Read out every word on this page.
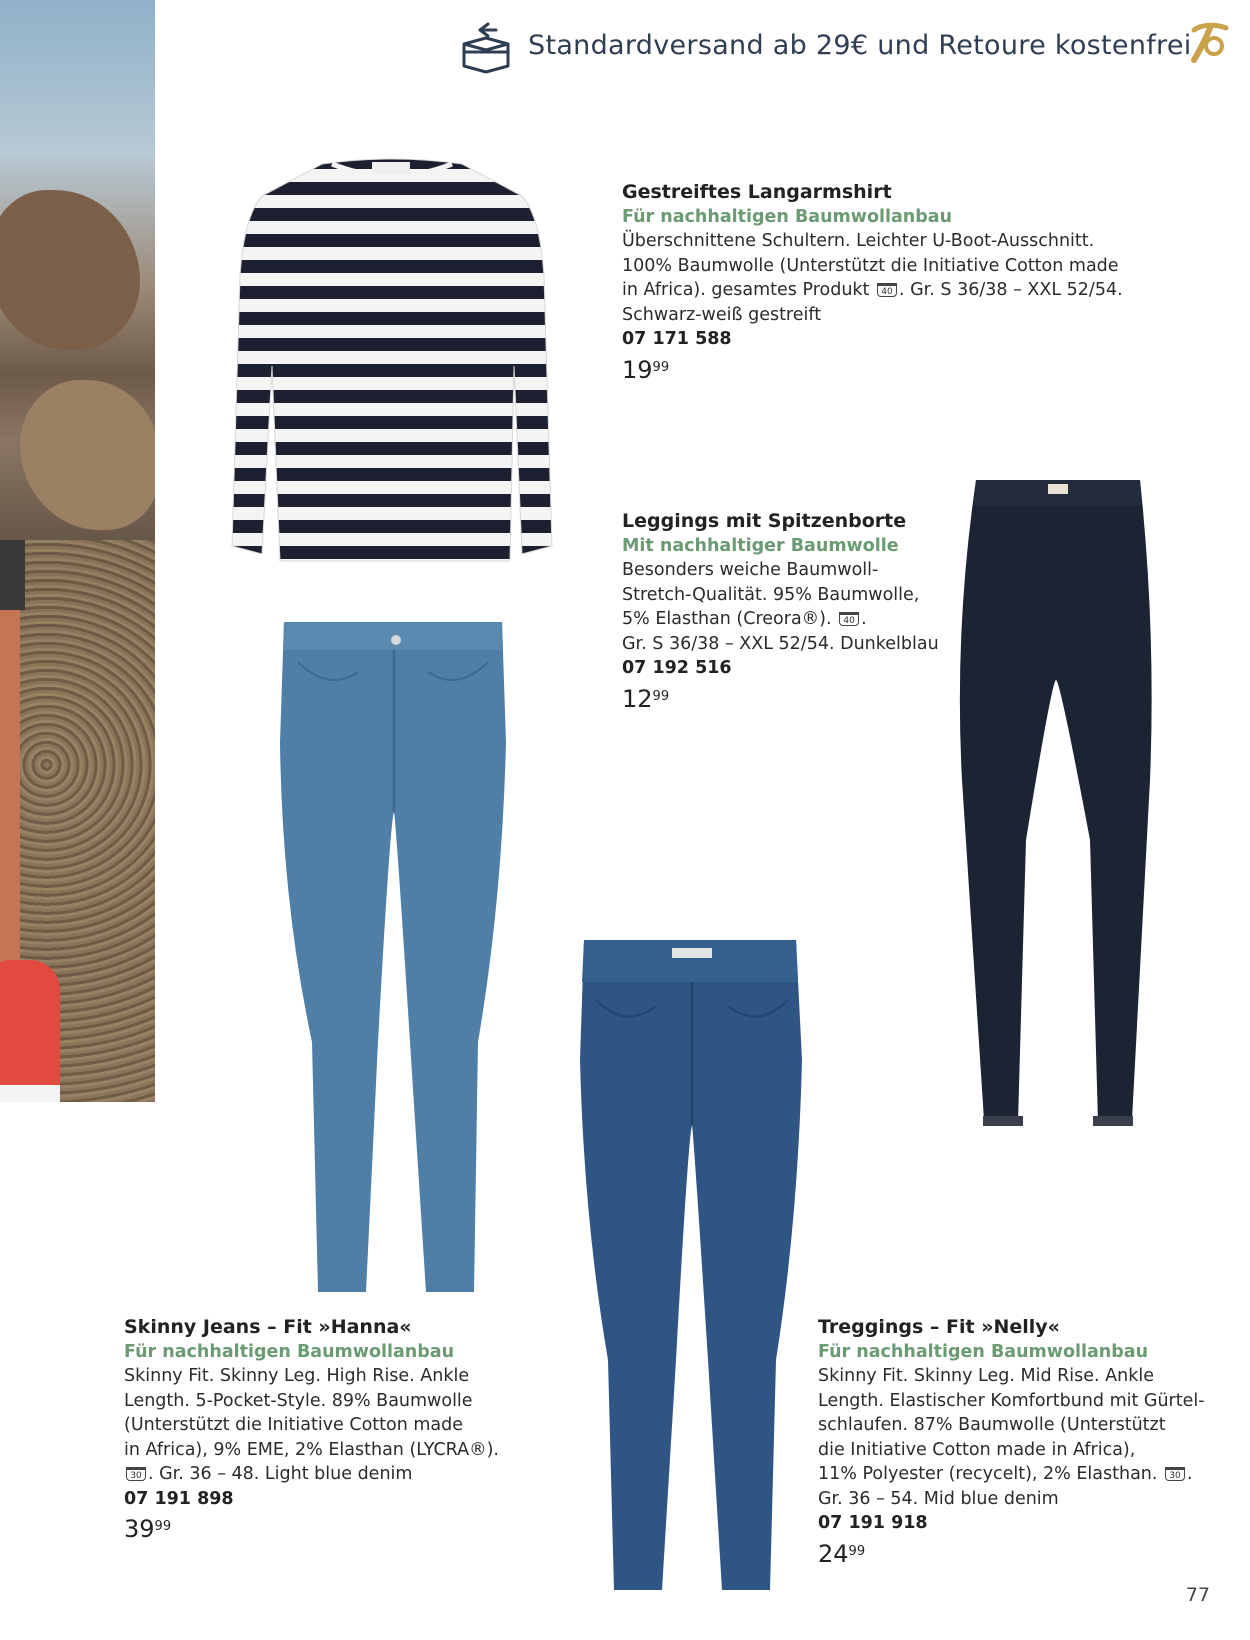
Standardversand ab 29€ und Retoure kostenfrei
Gestreiftes Langarmshirt
Für nachhaltigen Baumwollanbau
Überschnittene Schultern. Leichter U-Boot-Ausschnitt.
100% Baumwolle (Unterstützt die Initiative Cotton made
in Africa). gesamtes Produkt 40 . Gr. S 36/38 – XXL 52/54.
Schwarz-weiß gestreift
07 171 588
$19^{99}$
Leggings mit Spitzenborte
Mit nachhaltiger Baumwolle
Besonders weiche Baumwoll-
Stretch-Qualität. 95% Baumwolle,
5% Elasthan (Creora®). 40 .
Gr. S 36/38 – XXL 52/54. Dunkelblau
07 192 516
$12^{99}$
Skinny Jeans – Fit »Hanna«
Für nachhaltigen Baumwollanbau
Skinny Fit. Skinny Leg. High Rise. Ankle
Length. 5-Pocket-Style. 89% Baumwolle
(Unterstützt die Initiative Cotton made
in Africa), 9% EME, 2% Elasthan (LYCRA®).
30 . Gr. 36 – 48. Light blue denim
07 191 898
$39^{99}$
Treggings – Fit »Nelly«
Für nachhaltigen Baumwollanbau
Skinny Fit. Skinny Leg. Mid Rise. Ankle
Length. Elastischer Komfortbund mit Gürtel-
schlaufen. 87% Baumwolle (Unterstützt
die Initiative Cotton made in Africa),
11% Polyester (recycelt), 2% Elasthan. 30 .
Gr. 36 – 54. Mid blue denim
07 191 918
$24^{99}$
77
